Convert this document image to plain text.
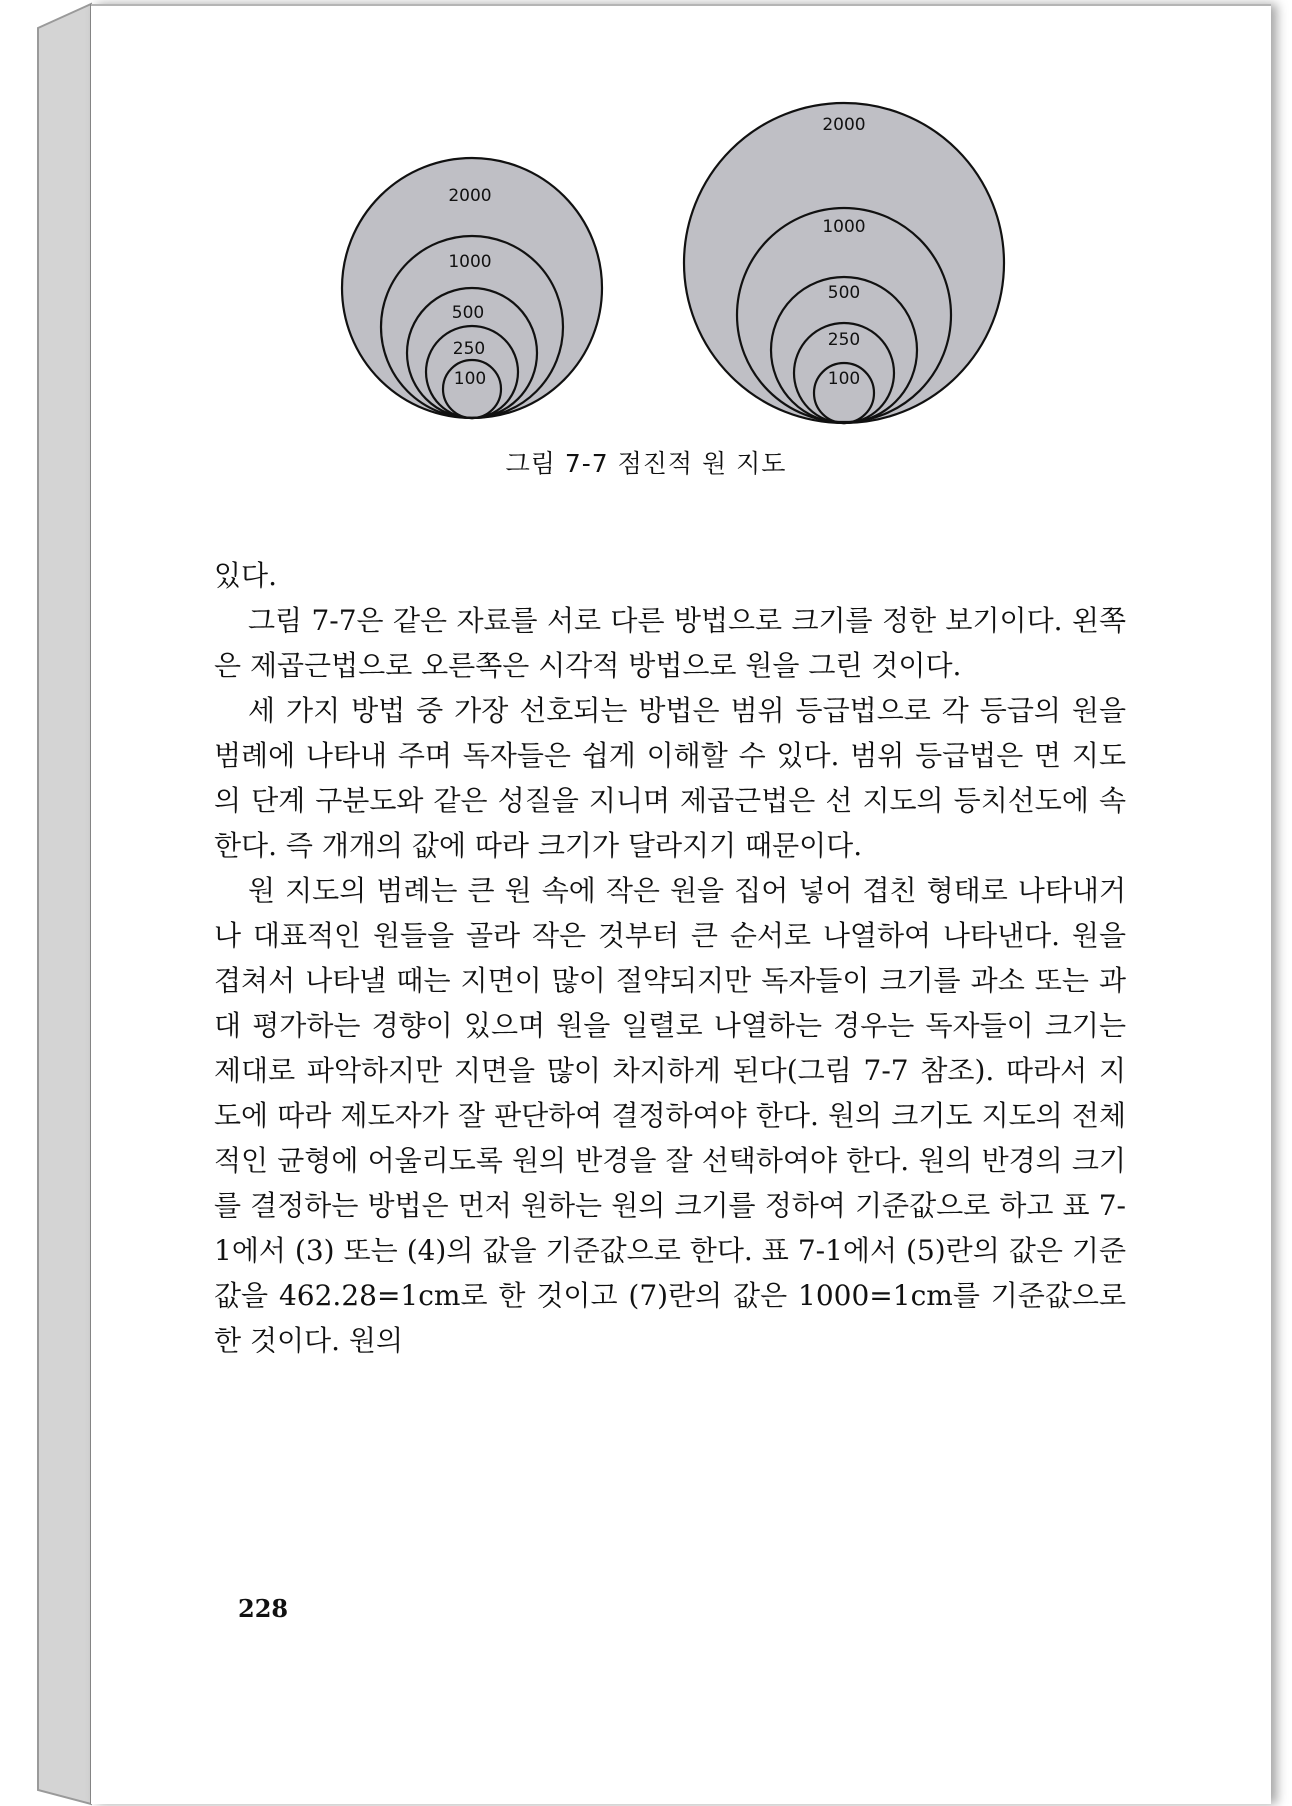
2000
1000
500
250
100
2000
1000
500
250
100
그림 7-7 점진적 원 지도

있다.

그림 7-7은 같은 자료를 서로 다른 방법으로 크기를 정한 보기이다. 왼쪽은 제곱근법으로 오른쪽은 시각적 방법으로 원을 그린 것이다.

세 가지 방법 중 가장 선호되는 방법은 범위 등급법으로 각 등급의 원을 범례에 나타내 주며 독자들은 쉽게 이해할 수 있다. 범위 등급법은 면 지도의 단계 구분도와 같은 성질을 지니며 제곱근법은 선 지도의 등치선도에 속한다. 즉 개개의 값에 따라 크기가 달라지기 때문이다.

원 지도의 범례는 큰 원 속에 작은 원을 집어 넣어 겹친 형태로 나타내거나 대표적인 원들을 골라 작은 것부터 큰 순서로 나열하여 나타낸다. 원을 겹쳐서 나타낼 때는 지면이 많이 절약되지만 독자들이 크기를 과소 또는 과대 평가하는 경향이 있으며 원을 일렬로 나열하는 경우는 독자들이 크기는 제대로 파악하지만 지면을 많이 차지하게 된다(그림 7-7 참조). 따라서 지도에 따라 제도자가 잘 판단하여 결정하여야 한다. 원의 크기도 지도의 전체적인 균형에 어울리도록 원의 반경을 잘 선택하여야 한다. 원의 반경의 크기를 결정하는 방법은 먼저 원하는 원의 크기를 정하여 기준값으로 하고 표 7-1에서 (3) 또는 (4)의 값을 기준값으로 한다. 표 7-1에서 (5)란의 값은 기준 값을 462.28=1cm로 한 것이고 (7)란의 값은 1000=1cm를 기준값으로 한 것이다. 원의

228
